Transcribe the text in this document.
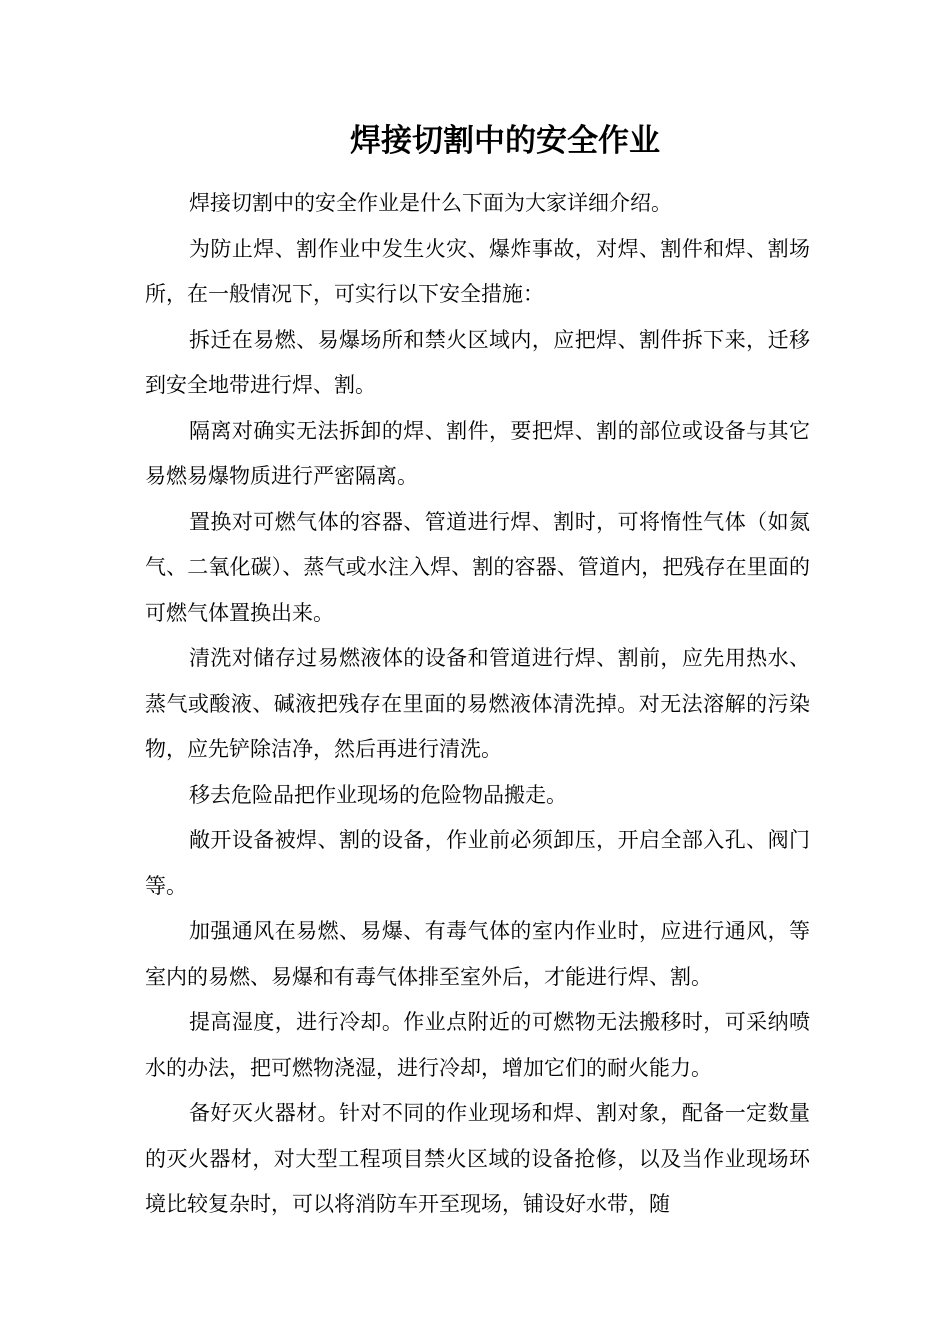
焊接切割中的安全作业

焊接切割中的安全作业是什么下面为大家详细介绍。

为防止焊、割作业中发生火灾、爆炸事故，对焊、割件和焊、割场所，在一般情况下，可实行以下安全措施：

拆迁在易燃、易爆场所和禁火区域内，应把焊、割件拆下来，迁移到安全地带进行焊、割。

隔离对确实无法拆卸的焊、割件，要把焊、割的部位或设备与其它易燃易爆物质进行严密隔离。

置换对可燃气体的容器、管道进行焊、割时，可将惰性气体（如氮气、二氧化碳）、蒸气或水注入焊、割的容器、管道内，把残存在里面的可燃气体置换出来。

清洗对储存过易燃液体的设备和管道进行焊、割前，应先用热水、蒸气或酸液、碱液把残存在里面的易燃液体清洗掉。对无法溶解的污染物，应先铲除洁净，然后再进行清洗。

移去危险品把作业现场的危险物品搬走。

敞开设备被焊、割的设备，作业前必须卸压，开启全部入孔、阀门等。

加强通风在易燃、易爆、有毒气体的室内作业时，应进行通风，等室内的易燃、易爆和有毒气体排至室外后，才能进行焊、割。

提高湿度，进行冷却。作业点附近的可燃物无法搬移时，可采纳喷水的办法，把可燃物浇湿，进行冷却，增加它们的耐火能力。

备好灭火器材。针对不同的作业现场和焊、割对象，配备一定数量的灭火器材，对大型工程项目禁火区域的设备抢修，以及当作业现场环境比较复杂时，可以将消防车开至现场，铺设好水带，随
